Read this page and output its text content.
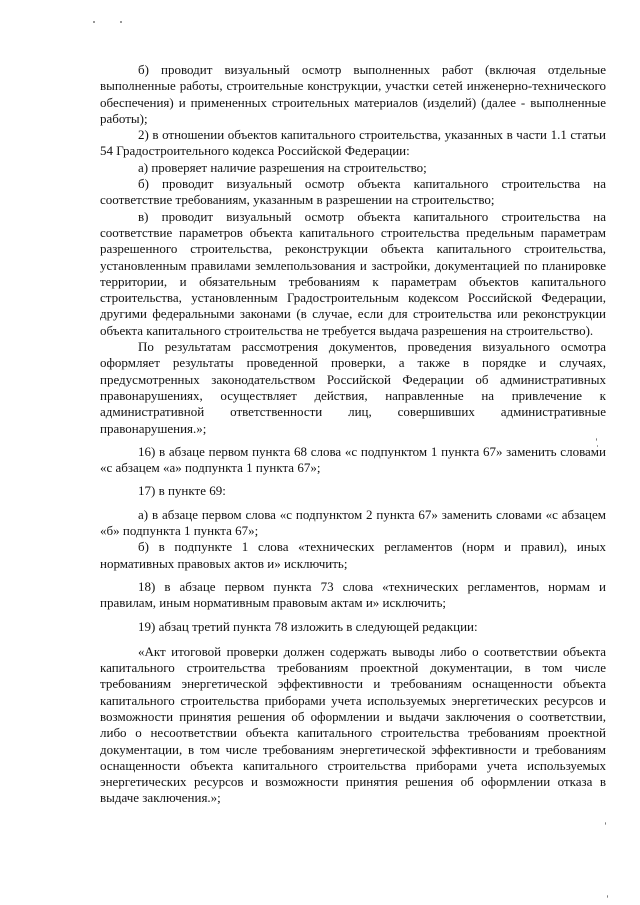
б) проводит визуальный осмотр выполненных работ (включая отдельные выполненные работы, строительные конструкции, участки сетей инженерно-технического обеспечения) и примененных строительных материалов (изделий) (далее - выполненные работы);

2) в отношении объектов капитального строительства, указанных в части 1.1 статьи 54 Градостроительного кодекса Российской Федерации:

а) проверяет наличие разрешения на строительство;

б) проводит визуальный осмотр объекта капитального строительства на соответствие требованиям, указанным в разрешении на строительство;

в) проводит визуальный осмотр объекта капитального строительства на соответствие параметров объекта капитального строительства предельным параметрам разрешенного строительства, реконструкции объекта капитального строительства, установленным правилами землепользования и застройки, документацией по планировке территории, и обязательным требованиям к параметрам объектов капитального строительства, установленным Градостроительным кодексом Российской Федерации, другими федеральными законами (в случае, если для строительства или реконструкции объекта капитального строительства не требуется выдача разрешения на строительство).

По результатам рассмотрения документов, проведения визуального осмотра оформляет результаты проведенной проверки, а также в порядке и случаях, предусмотренных законодательством Российской Федерации об административных правонарушениях, осуществляет действия, направленные на привлечение к административной ответственности лиц, совершивших административные правонарушения.»;

16) в абзаце первом пункта 68 слова «с подпунктом 1 пункта 67» заменить словами «с абзацем «а» подпункта 1 пункта 67»;

17) в пункте 69:

а) в абзаце первом слова «с подпунктом 2 пункта 67» заменить словами «с абзацем «б» подпункта 1 пункта 67»;

б) в подпункте 1 слова «технических регламентов (норм и правил), иных нормативных правовых актов и» исключить;

18) в абзаце первом пункта 73 слова «технических регламентов, нормам и правилам, иным нормативным правовым актам и» исключить;

19) абзац третий пункта 78 изложить в следующей редакции:

«Акт итоговой проверки должен содержать выводы либо о соответствии объекта капитального строительства требованиям проектной документации, в том числе требованиям энергетической эффективности и требованиям оснащенности объекта капитального строительства приборами учета используемых энергетических ресурсов и возможности принятия решения об оформлении и выдачи заключения о соответствии, либо о несоответствии объекта капитального строительства требованиям проектной документации, в том числе требованиям энергетической эффективности и требованиям оснащенности объекта капитального строительства приборами учета используемых энергетических ресурсов и возможности принятия решения об оформлении отказа в выдаче заключения.»;
